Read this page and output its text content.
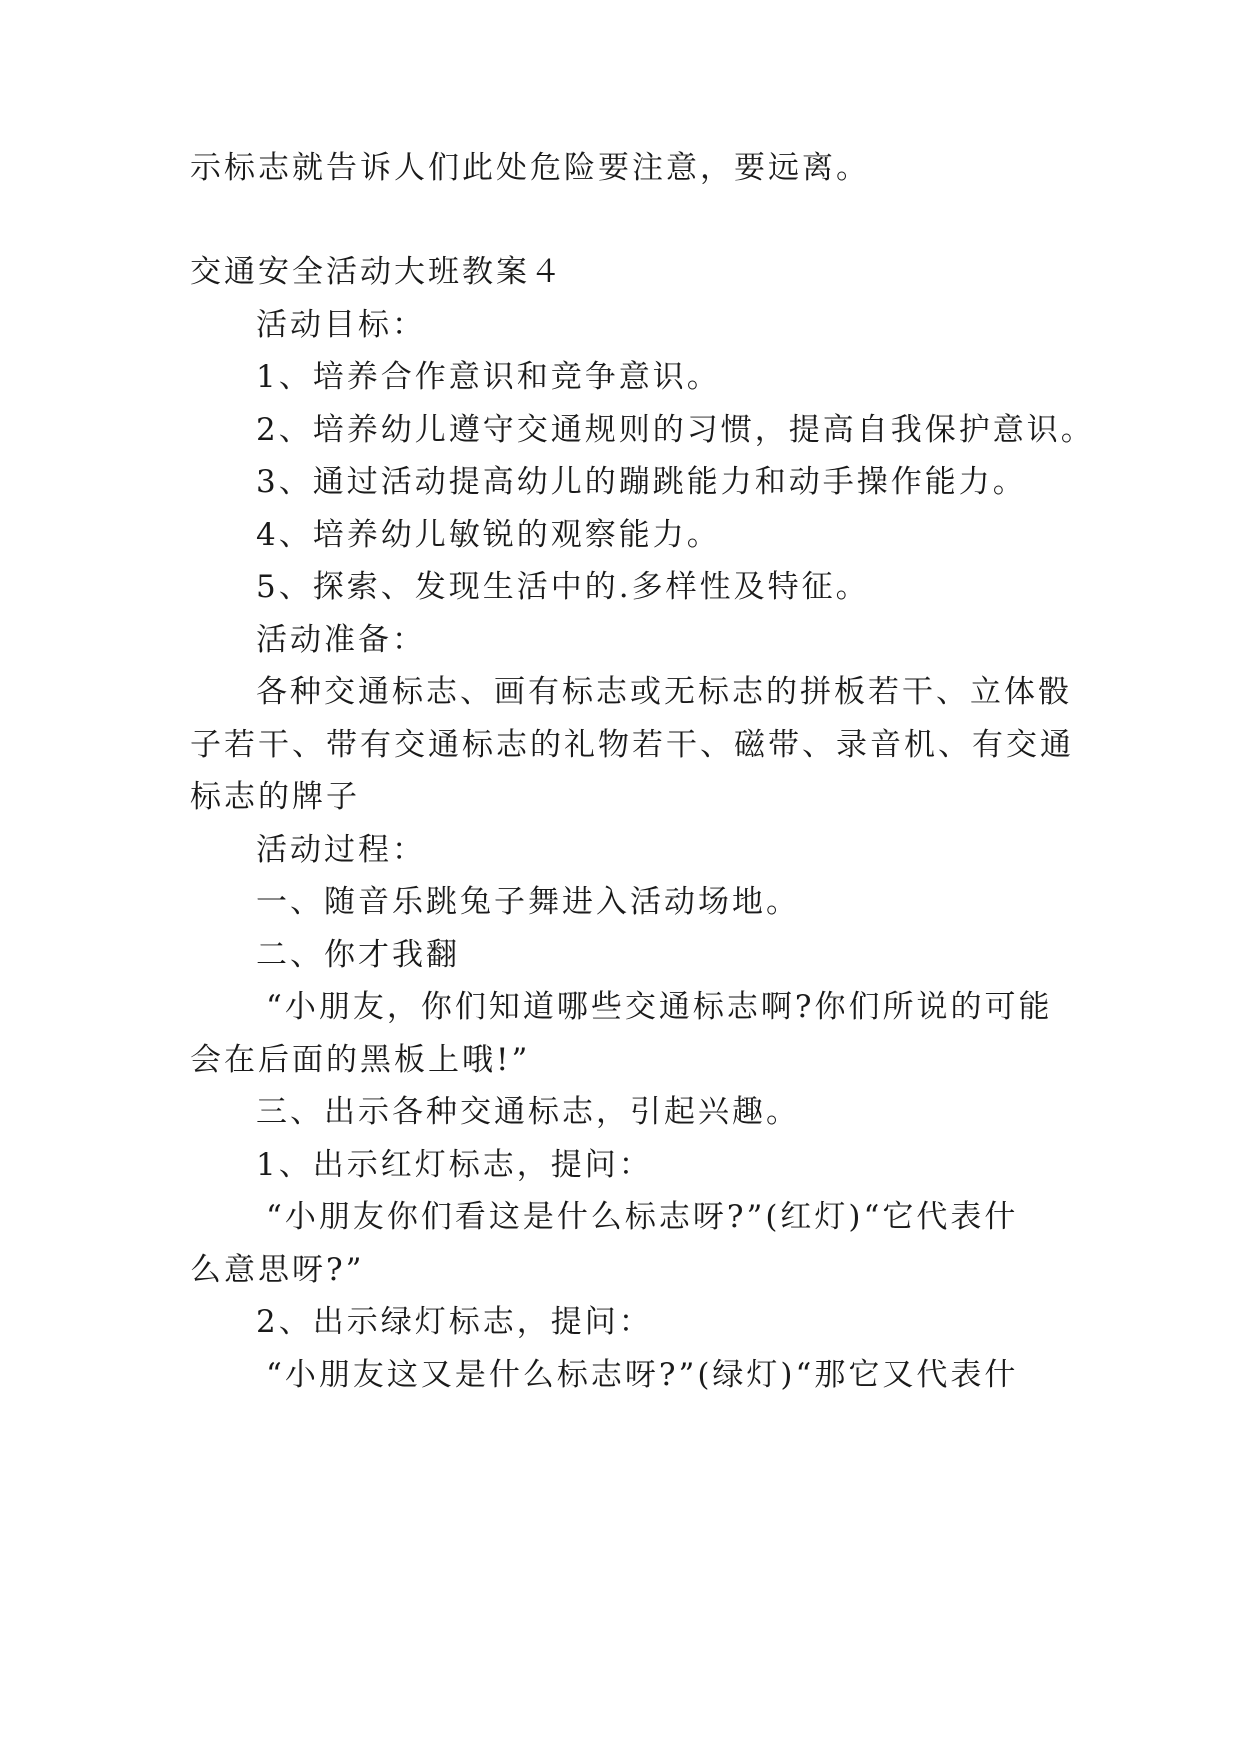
示标志就告诉人们此处危险要注意，要远离。
交通安全活动大班教案４
活动目标：
1、培养合作意识和竞争意识。
2、培养幼儿遵守交通规则的习惯，提高自我保护意识。
3、通过活动提高幼儿的蹦跳能力和动手操作能力。
4、培养幼儿敏锐的观察能力。
5、探索、发现生活中的.多样性及特征。
活动准备：
各种交通标志、画有标志或无标志的拼板若干、立体骰
子若干、带有交通标志的礼物若干、磁带、录音机、有交通
标志的牌子
活动过程：
一、随音乐跳兔子舞进入活动场地。
二、你才我翻
“小朋友，你们知道哪些交通标志啊?你们所说的可能
会在后面的黑板上哦!”
三、出示各种交通标志，引起兴趣。
1、出示红灯标志，提问：
“小朋友你们看这是什么标志呀?”(红灯)“它代表什
么意思呀?”
2、出示绿灯标志，提问：
“小朋友这又是什么标志呀?”(绿灯)“那它又代表什
